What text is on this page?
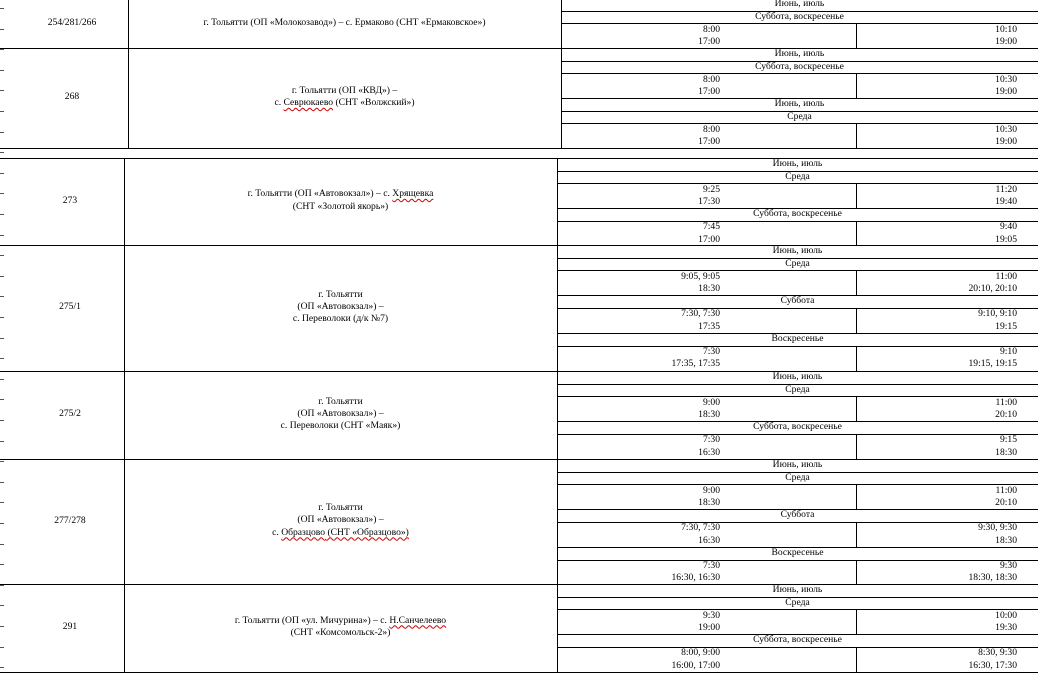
254/281/266	г. Тольятти (ОП «Молокозавод») – с. Ермаково (СНТ «Ермаковское»)
Июнь, июль
Суббота, воскресенье
8:00
17:00
10:10
19:00
268
г. Тольятти (ОП «КВД») –
с. Севрюкаево (СНТ «Волжский»)
Июнь, июль
Суббота, воскресенье
8:00
17:00
10:30
19:00
Июнь, июль
Среда
8:00
17:00
10:30
19:00
273
г. Тольятти (ОП «Автовокзал») – с. Хрящевка
(СНТ «Золотой якорь»)
Июнь, июль
Среда
9:25
17:30
11:20
19:40
Суббота, воскресенье
7:45
17:00
9:40
19:05
275/1
г. Тольятти
(ОП «Автовокзал») –
с. Переволоки (д/к №7)
Июнь, июль
Среда
9:05, 9:05
18:30
11:00
20:10, 20:10
Суббота
7:30, 7:30
17:35
9:10, 9:10
19:15
Воскресенье
7:30
17:35, 17:35
9:10
19:15, 19:15
275/2
г. Тольятти
(ОП «Автовокзал») –
с. Переволоки (СНТ «Маяк»)
Июнь, июль
Среда
9:00
18:30
11:00
20:10
Суббота, воскресенье
7:30
16:30
9:15
18:30
277/278
г. Тольятти
(ОП «Автовокзал») –
с. Образцово (СНТ «Образцово»)
Июнь, июль
Среда
9:00
18:30
11:00
20:10
Суббота
7:30, 7:30
16:30
9:30, 9:30
18:30
Воскресенье
7:30
16:30, 16:30
9:30
18:30, 18:30
291
г. Тольятти (ОП «ул. Мичурина») – с. Н.Санчелеево
(СНТ «Комсомольск-2»)
Июнь, июль
Среда
9:30
19:00
10:00
19:30
Суббота, воскресенье
8:00, 9:00
16:00, 17:00
8:30, 9:30
16:30, 17:30
